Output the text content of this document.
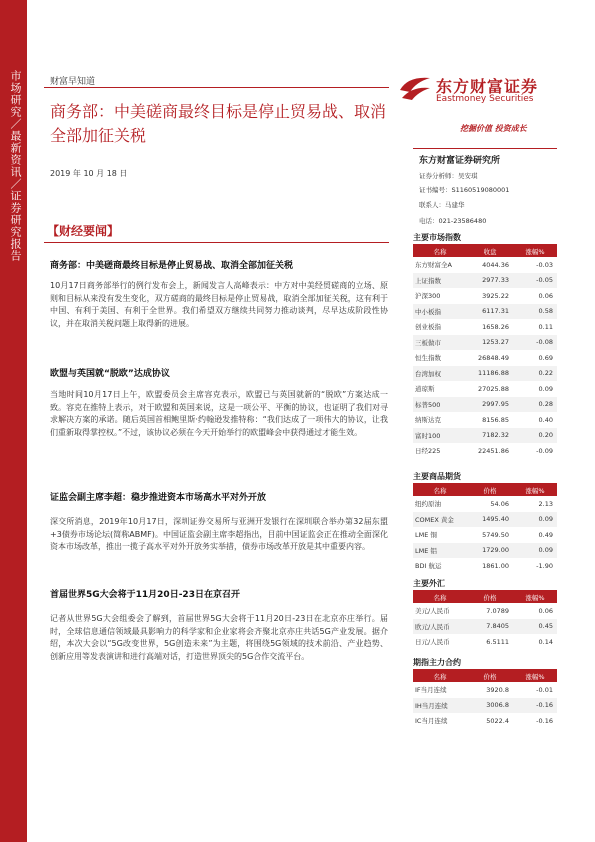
市场研究／最新资讯／证券研究报告	财富早知道
商务部：中美磋商最终目标是停止贸易战、取消全部加征关税
东方财富证券
Eastmoney Securities
挖掘价值 投资成长
2019 年 10 月 18 日
东方财富证券研究所
证券分析师：吴安琪
证书编号：S1160519080001
联系人：马建华
电话：021-23586480
【财经要闻】
商务部：中美磋商最终目标是停止贸易战、取消全部加征关税
10月17日商务部举行的例行发布会上，新闻发言人高峰表示：中方对中美经贸磋商的立场、原则和目标从来没有发生变化，双方磋商的最终目标是停止贸易战，取消全部加征关税，这有利于中国、有利于美国、有利于全世界。我们希望双方继续共同努力推动谈判，尽早达成阶段性协议，并在取消关税问题上取得新的进展。
欧盟与英国就“脱欧”达成协议
当地时间10月17日上午，欧盟委员会主席容克表示，欧盟已与英国就新的“脱欧”方案达成一致。容克在推特上表示，对于欧盟和英国来说，这是一项公平、平衡的协议，也证明了我们对寻求解决方案的承诺。随后英国首相鲍里斯·约翰逊发推特称：“我们达成了一项伟大的协议，让我们重新取得掌控权。”不过，该协议必须在今天开始举行的欧盟峰会中获得通过才能生效。
证监会副主席李超：稳步推进资本市场高水平对外开放
深交所消息，2019年10月17日，深圳证券交易所与亚洲开发银行在深圳联合举办第32届东盟+3债券市场论坛(简称ABMF)。中国证监会副主席李超指出，目前中国证监会正在推动全面深化资本市场改革，推出一揽子高水平对外开放务实举措，债券市场改革开放是其中重要内容。
首届世界5G大会将于11月20日-23日在京召开
记者从世界5G大会组委会了解到，首届世界5G大会将于11月20日-23日在北京亦庄举行。届时，全球信息通信领域最具影响力的科学家和企业家将会齐聚北京亦庄共话5G产业发展。据介绍，本次大会以“5G改变世界，5G创造未来”为主题，将围绕5G领域的技术前沿、产业趋势、创新应用等发表演讲和进行高端对话，打造世界顶尖的5G合作交流平台。
主要市场指数
名称	收盘	涨幅%
东方财富全A	4044.36	-0.03
上证指数	2977.33	-0.05
沪深300	3925.22	0.06
中小板指	6117.31	0.58
创业板指	1658.26	0.11
三板做市	1253.27	-0.08
恒生指数	26848.49	0.69
台湾加权	11186.88	0.22
道琼斯	27025.88	0.09
标普500	2997.95	0.28
纳斯达克	8156.85	0.40
富时100	7182.32	0.20
日经225	22451.86	-0.09
主要商品期货
名称	价格	涨幅%
纽约原油	54.06	2.13
COMEX 黄金	1495.40	0.09
LME 铜	5749.50	0.49
LME 铝	1729.00	0.09
BDI 航运	1861.00	-1.90
主要外汇
名称	价格	涨幅%
美元/人民币	7.0789	0.06
欧元/人民币	7.8405	0.45
日元/人民币	6.5111	0.14
期指主力合约
名称	价格	涨幅%
IF当月连续	3920.8	-0.01
IH当月连续	3006.8	-0.16
IC当月连续	5022.4	-0.16
